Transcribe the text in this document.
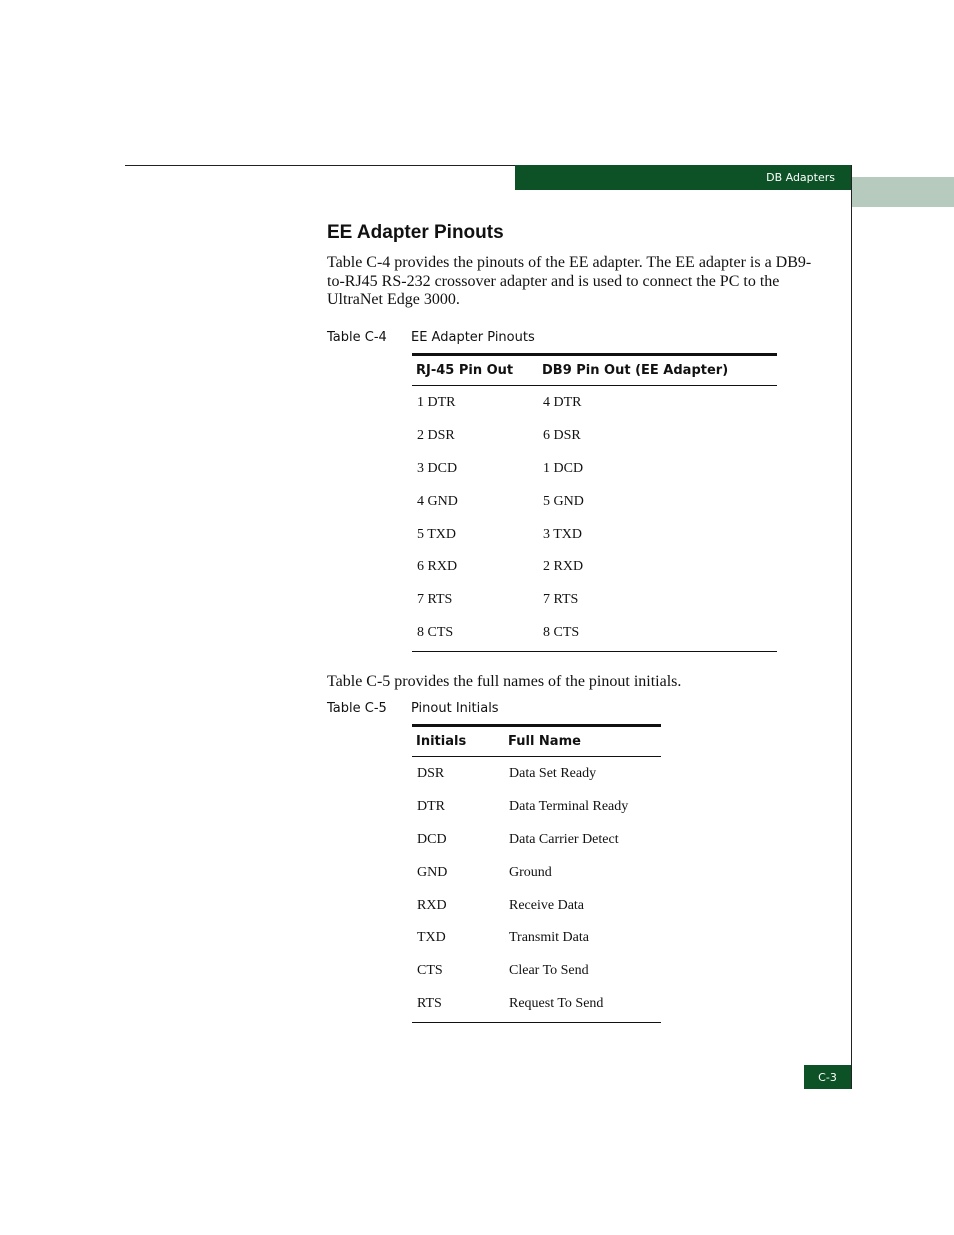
DB Adapters
EE Adapter Pinouts

Table C-4 provides the pinouts of the EE adapter. The EE adapter is a DB9-to-RJ45 RS-232 crossover adapter and is used to connect the PC to the UltraNet Edge 3000.

Table C-4 EE Adapter Pinouts
RJ-45 Pin Out	DB9 Pin Out (EE Adapter)
1 DTR	4 DTR
2 DSR	6 DSR
3 DCD	1 DCD
4 GND	5 GND
5 TXD	3 TXD
6 RXD	2 RXD
7 RTS	7 RTS
8 CTS	8 CTS

Table C-5 provides the full names of the pinout initials.

Table C-5 Pinout Initials
Initials	Full Name
DSR	Data Set Ready
DTR	Data Terminal Ready
DCD	Data Carrier Detect
GND	Ground
RXD	Receive Data
TXD	Transmit Data
CTS	Clear To Send
RTS	Request To Send
C-3
